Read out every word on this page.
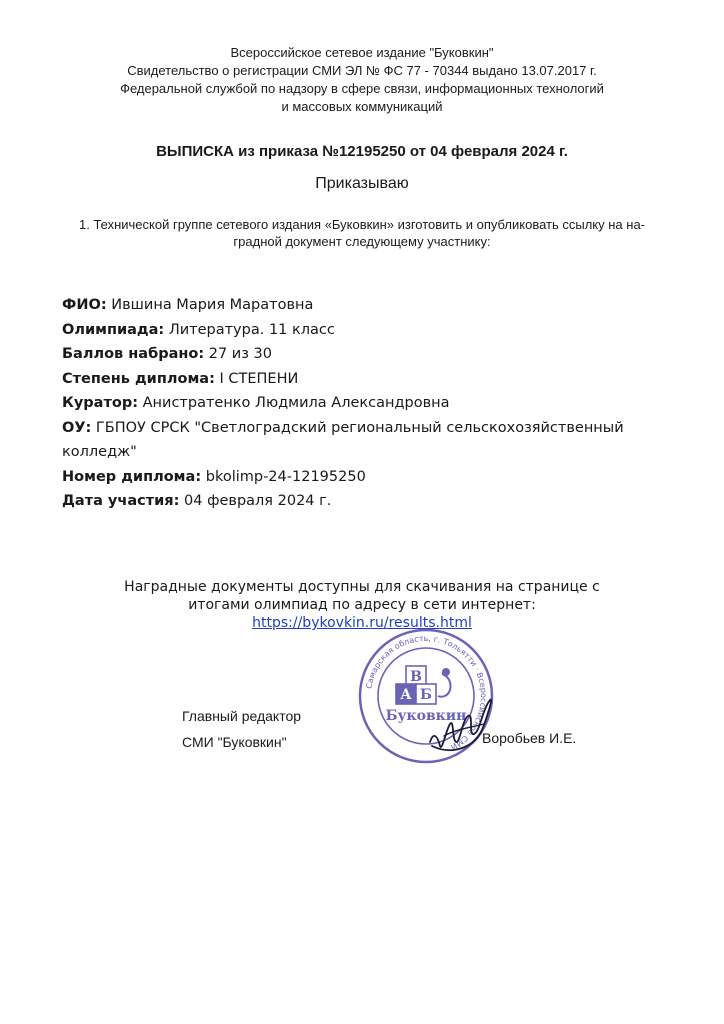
Всероссийское сетевое издание "Буковкин"
Свидетельство о регистрации СМИ ЭЛ № ФС 77 - 70344 выдано 13.07.2017 г.
Федеральной службой по надзору в сфере связи, информационных технологий
и массовых коммуникаций
ВЫПИСКА из приказа №12195250 от 04 февраля 2024 г.
Приказываю
1. Технической группе сетевого издания «Буковкин» изготовить и опубликовать ссылку на на-
градной документ следующему участнику:
ФИО: Ившина Мария Маратовна
Олимпиада: Литература. 11 класс
Баллов набрано: 27 из 30
Степень диплома: I СТЕПЕНИ
Куратор: Анистратенко Людмила Александровна
ОУ: ГБПОУ СРСК "Светлоградский региональный сельскохозяйственный
колледж"
Номер диплома: bkolimp-24-12195250
Дата участия: 04 февраля 2024 г.
Наградные документы доступны для скачивания на странице с
итогами олимпиад по адресу в сети интернет:
https://bykovkin.ru/results.html
Главный редактор
СМИ "Буковкин"
Самарская область, г. Тольятти · Всероссийское СМИ
В
А Б
Буковкин
Воробьев И.Е.
